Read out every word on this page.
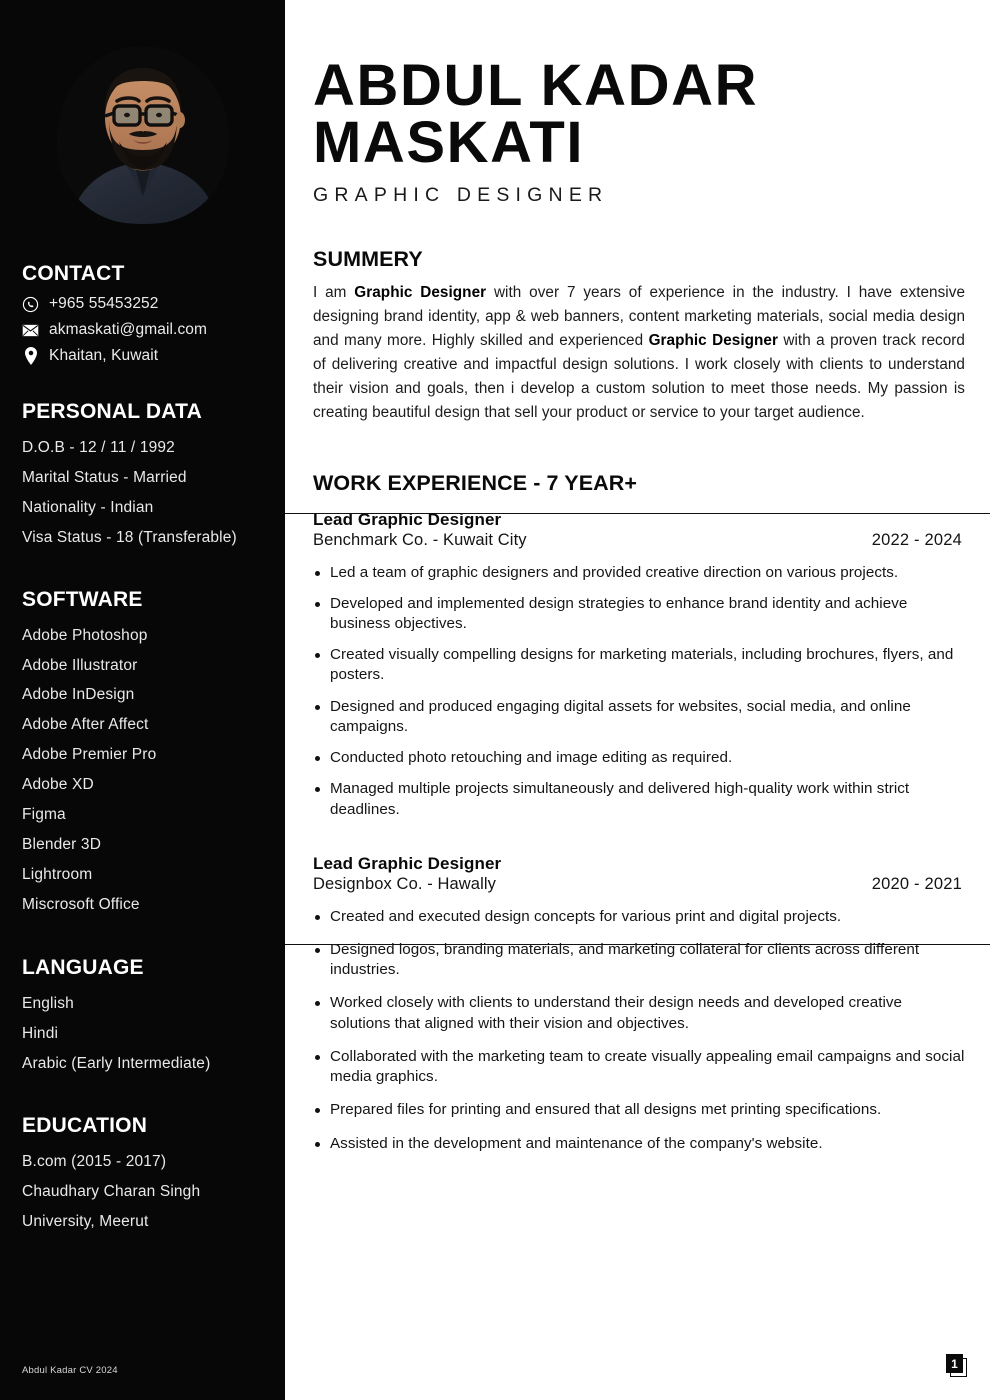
CONTACT
+965 55453252
akmaskati@gmail.com
Khaitan, Kuwait
PERSONAL DATA
D.O.B - 12 / 11 / 1992
Marital Status - Married
Nationality - Indian
Visa Status - 18 (Transferable)
SOFTWARE
Adobe Photoshop
Adobe Illustrator
Adobe InDesign
Adobe After Affect
Adobe Premier Pro
Adobe XD
Figma
Blender 3D
Lightroom
Miscrosoft Office
LANGUAGE
English
Hindi
Arabic (Early Intermediate)
EDUCATION
B.com (2015 - 2017)
Chaudhary Charan Singh
University, Meerut
Abdul Kadar CV 2024
ABDUL KADAR
MASKATI
GRAPHIC DESIGNER
SUMMERY

I am Graphic Designer with over 7 years of experience in the industry. I have extensive designing brand identity, app & web banners, content marketing materials, social media design and many more. Highly skilled and experienced Graphic Designer with a proven track record of delivering creative and impactful design solutions. I work closely with clients to understand their vision and goals, then i develop a custom solution to meet those needs. My passion is creating beautiful design that sell your product or service to your target audience.

WORK EXPERIENCE - 7 YEAR+
Lead Graphic Designer
Benchmark Co. - Kuwait City	2022 - 2024
Led a team of graphic designers and provided creative direction on various projects.
Developed and implemented design strategies to enhance brand identity and achieve business objectives.
Created visually compelling designs for marketing materials, including brochures, flyers, and posters.
Designed and produced engaging digital assets for websites, social media, and online campaigns.
Conducted photo retouching and image editing as required.
Managed multiple projects simultaneously and delivered high-quality work within strict deadlines.
Lead Graphic Designer
Designbox Co. - Hawally	2020 - 2021
Created and executed design concepts for various print and digital projects.
Designed logos, branding materials, and marketing collateral for clients across different industries.
Worked closely with clients to understand their design needs and developed creative solutions that aligned with their vision and objectives.
Collaborated with the marketing team to create visually appealing email campaigns and social media graphics.
Prepared files for printing and ensured that all designs met printing specifications.
Assisted in the development and maintenance of the company's website.
1
